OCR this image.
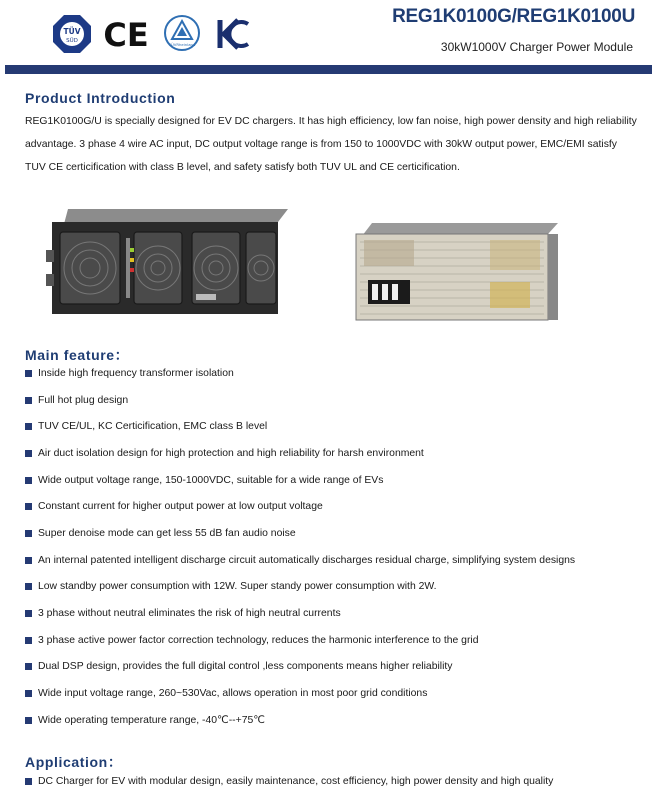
TÜV
SÜD CE	TÜVRheinland
REG1K0100G/REG1K0100U
30kW1000V Charger Power Module
Product Introduction
REG1K0100G/U is specially designed for EV DC chargers. It has high efficiency, low fan noise, high power density and high reliability advantage. 3 phase 4 wire AC input, DC output voltage range is from 150 to 1000VDC with 30kW output power, EMC/EMI satisfy TUV CE certicification with class B level, and safety satisfy both TUV UL and CE certicification.
Main feature：
Inside high frequency transformer isolation
Full hot plug design
TUV CE/UL, KC Certicification, EMC class B level
Air duct isolation design for high protection and high reliability for harsh environment
Wide output voltage range, 150-1000VDC, suitable for a wide range of EVs
Constant current for higher output power at low output voltage
Super denoise mode can get less 55 dB fan audio noise
An internal patented intelligent discharge circuit automatically discharges residual charge, simplifying system designs
Low standby power consumption with 12W. Super standy power consumption with 2W.
3 phase without neutral eliminates the risk of high neutral currents
3 phase active power factor correction technology, reduces the harmonic interference to the grid
Dual DSP design, provides the full digital control ,less components means higher reliability
Wide input voltage range, 260~530Vac, allows operation in most poor grid conditions
Wide operating temperature range, -40℃--+75℃
Application：
DC Charger for EV with modular design, easily maintenance, cost efficiency, high power density and high quality
